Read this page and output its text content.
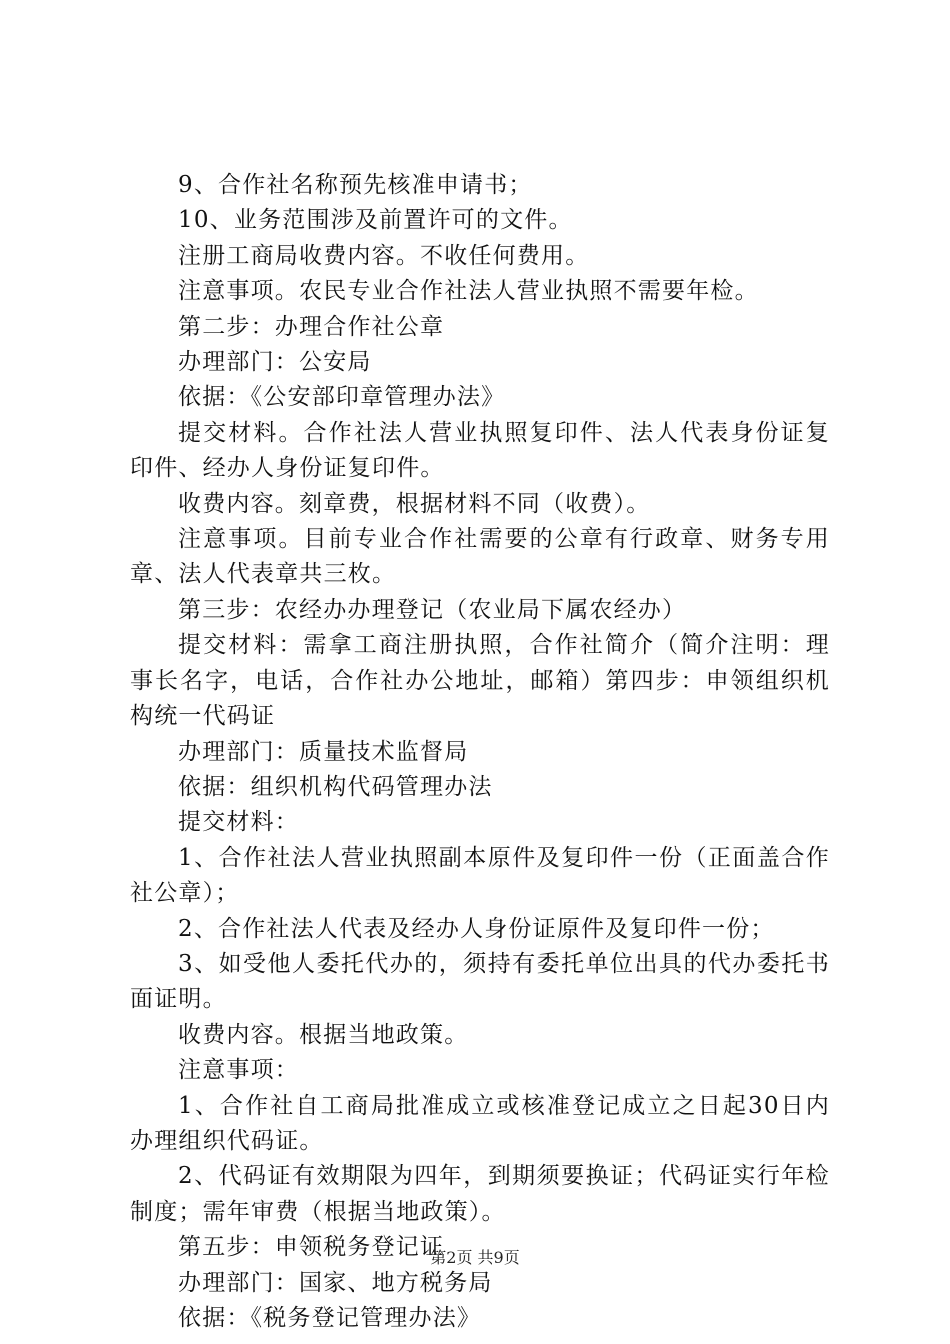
9、合作社名称预先核准申请书；

10、业务范围涉及前置许可的文件。

注册工商局收费内容。不收任何费用。

注意事项。农民专业合作社法人营业执照不需要年检。

第二步：办理合作社公章

办理部门：公安局

依据：《公安部印章管理办法》

提交材料。合作社法人营业执照复印件、法人代表身份证复印件、经办人身份证复印件。

收费内容。刻章费，根据材料不同（收费）。

注意事项。目前专业合作社需要的公章有行政章、财务专用章、法人代表章共三枚。

第三步：农经办办理登记（农业局下属农经办）

提交材料：需拿工商注册执照，合作社简介（简介注明：理事长名字，电话，合作社办公地址，邮箱）第四步：申领组织机构统一代码证

办理部门：质量技术监督局

依据：组织机构代码管理办法

提交材料：

1、合作社法人营业执照副本原件及复印件一份（正面盖合作社公章）；

2、合作社法人代表及经办人身份证原件及复印件一份；

3、如受他人委托代办的，须持有委托单位出具的代办委托书面证明。

收费内容。根据当地政策。

注意事项：

1、合作社自工商局批准成立或核准登记成立之日起30日内办理组织代码证。

2、代码证有效期限为四年，到期须要换证；代码证实行年检制度；需年审费（根据当地政策）。

第五步：申领税务登记证

办理部门：国家、地方税务局

依据：《税务登记管理办法》

第2页 共9页
